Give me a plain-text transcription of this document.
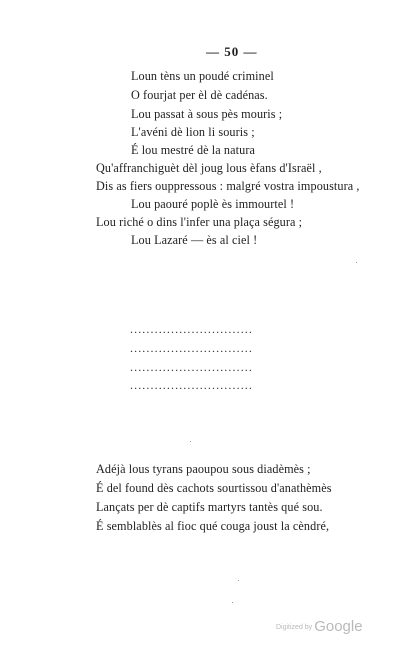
— 50 —
Loun tèns un poudé criminel
O fourjat per èl dè cadénas.
Lou passat à sous pès mouris ;
L'avéni dè lion li souris ;
É lou mestré dè la natura
Qu'affranchiguèt dèl joug lous èfans d'Israël ,
Dis as fiers ouppressous : malgré vostra impoustura ,
Lou paouré poplè ès immourtel !
Lou riché o dins l'infer una plaça ségura ;
Lou Lazaré — ès al ciel !
..............................
..............................
..............................
..............................
Adéjà lous tyrans paoupou sous diadèmès ;
É del found dès cachots sourtissou d'anathèmès
Lançats per dè captifs martyrs tantès qué sou.
É semblablès al fioc qué couga joust la cèndré,
Digitized by Google
